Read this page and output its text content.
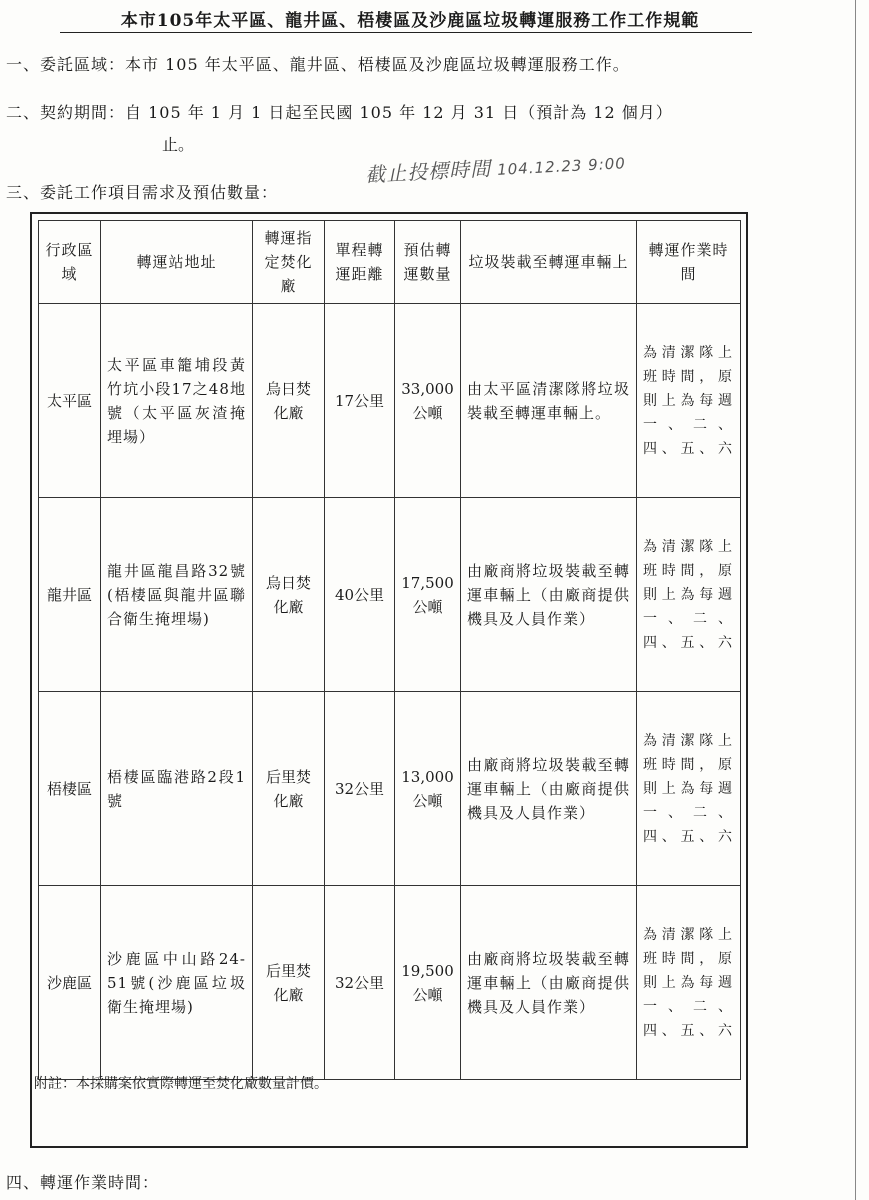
本市105年太平區、龍井區、梧棲區及沙鹿區垃圾轉運服務工作工作規範
一、委託區域：本市 105 年太平區、龍井區、梧棲區及沙鹿區垃圾轉運服務工作。
二、契約期間：自 105 年 1 月 1 日起至民國 105 年 12 月 31 日（預計為 12 個月）
止。
截止投標時間 104.12.23 9:00
三、委託工作項目需求及預估數量：
行政區域	轉運站地址	轉運指定焚化廠	單程轉運距離	預估轉運數量	垃圾裝載至轉運車輛上	轉運作業時間
太平區	太平區車籠埔段黃竹坑小段17之48地號（太平區灰渣掩埋場）	烏日焚化廠	17公里	33,000
公噸	由太平區清潔隊將垃圾裝載至轉運車輛上。	為清潔隊上班時間，原則上為每週一、二、四、五、六
龍井區	龍井區龍昌路32號(梧棲區與龍井區聯合衛生掩埋場)	烏日焚化廠	40公里	17,500
公噸	由廠商將垃圾裝載至轉運車輛上（由廠商提供機具及人員作業）	為清潔隊上班時間，原則上為每週一、二、四、五、六
梧棲區	梧棲區臨港路2段1號	后里焚化廠	32公里	13,000
公噸	由廠商將垃圾裝載至轉運車輛上（由廠商提供機具及人員作業）	為清潔隊上班時間，原則上為每週一、二、四、五、六
沙鹿區	沙鹿區中山路24-51號(沙鹿區垃圾衛生掩埋場)	后里焚化廠	32公里	19,500
公噸	由廠商將垃圾裝載至轉運車輛上（由廠商提供機具及人員作業）	為清潔隊上班時間，原則上為每週一、二、四、五、六
附註：本採購案依實際轉運至焚化廠數量計價。
四、轉運作業時間：
